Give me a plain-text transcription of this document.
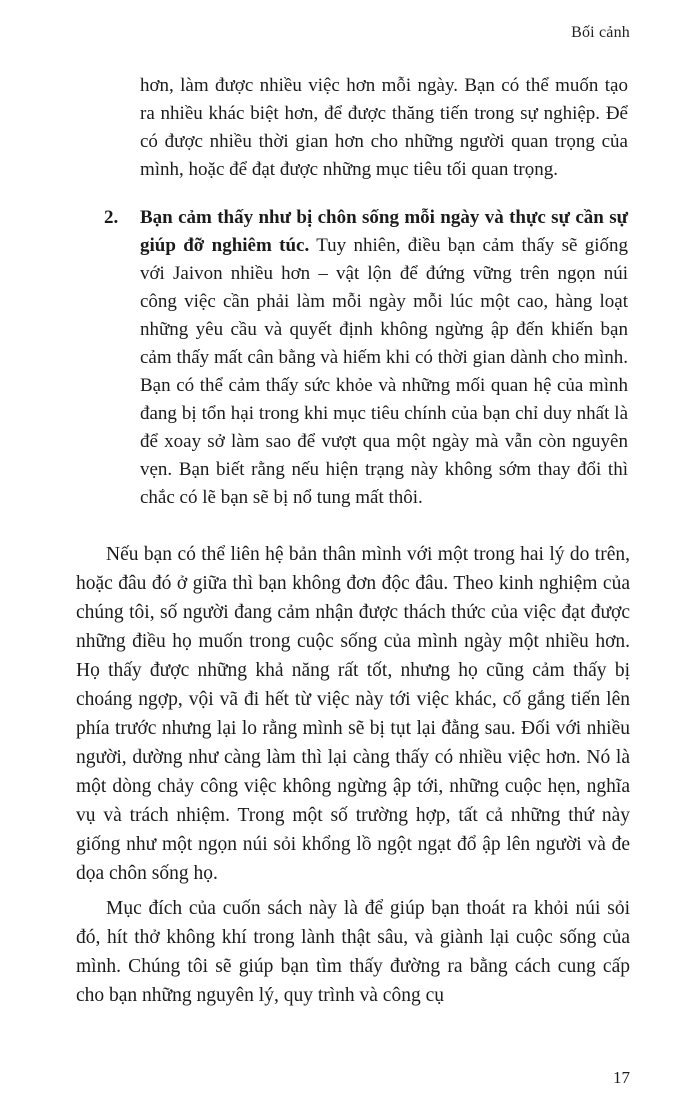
Bối cảnh

hơn, làm được nhiều việc hơn mỗi ngày. Bạn có thể muốn tạo ra nhiều khác biệt hơn, để được thăng tiến trong sự nghiệp. Để có được nhiều thời gian hơn cho những người quan trọng của mình, hoặc để đạt được những mục tiêu tối quan trọng.

2. Bạn cảm thấy như bị chôn sống mỗi ngày và thực sự cần sự giúp đỡ nghiêm túc. Tuy nhiên, điều bạn cảm thấy sẽ giống với Jaivon nhiều hơn – vật lộn để đứng vững trên ngọn núi công việc cần phải làm mỗi ngày mỗi lúc một cao, hàng loạt những yêu cầu và quyết định không ngừng ập đến khiến bạn cảm thấy mất cân bằng và hiếm khi có thời gian dành cho mình. Bạn có thể cảm thấy sức khỏe và những mối quan hệ của mình đang bị tổn hại trong khi mục tiêu chính của bạn chỉ duy nhất là để xoay sở làm sao để vượt qua một ngày mà vẫn còn nguyên vẹn. Bạn biết rằng nếu hiện trạng này không sớm thay đổi thì chắc có lẽ bạn sẽ bị nổ tung mất thôi.

Nếu bạn có thể liên hệ bản thân mình với một trong hai lý do trên, hoặc đâu đó ở giữa thì bạn không đơn độc đâu. Theo kinh nghiệm của chúng tôi, số người đang cảm nhận được thách thức của việc đạt được những điều họ muốn trong cuộc sống của mình ngày một nhiều hơn. Họ thấy được những khả năng rất tốt, nhưng họ cũng cảm thấy bị choáng ngợp, vội vã đi hết từ việc này tới việc khác, cố gắng tiến lên phía trước nhưng lại lo rằng mình sẽ bị tụt lại đằng sau. Đối với nhiều người, dường như càng làm thì lại càng thấy có nhiều việc hơn. Nó là một dòng chảy công việc không ngừng ập tới, những cuộc hẹn, nghĩa vụ và trách nhiệm. Trong một số trường hợp, tất cả những thứ này giống như một ngọn núi sỏi khổng lồ ngột ngạt đổ ập lên người và đe dọa chôn sống họ.

Mục đích của cuốn sách này là để giúp bạn thoát ra khỏi núi sỏi đó, hít thở không khí trong lành thật sâu, và giành lại cuộc sống của mình. Chúng tôi sẽ giúp bạn tìm thấy đường ra bằng cách cung cấp cho bạn những nguyên lý, quy trình và công cụ

17
